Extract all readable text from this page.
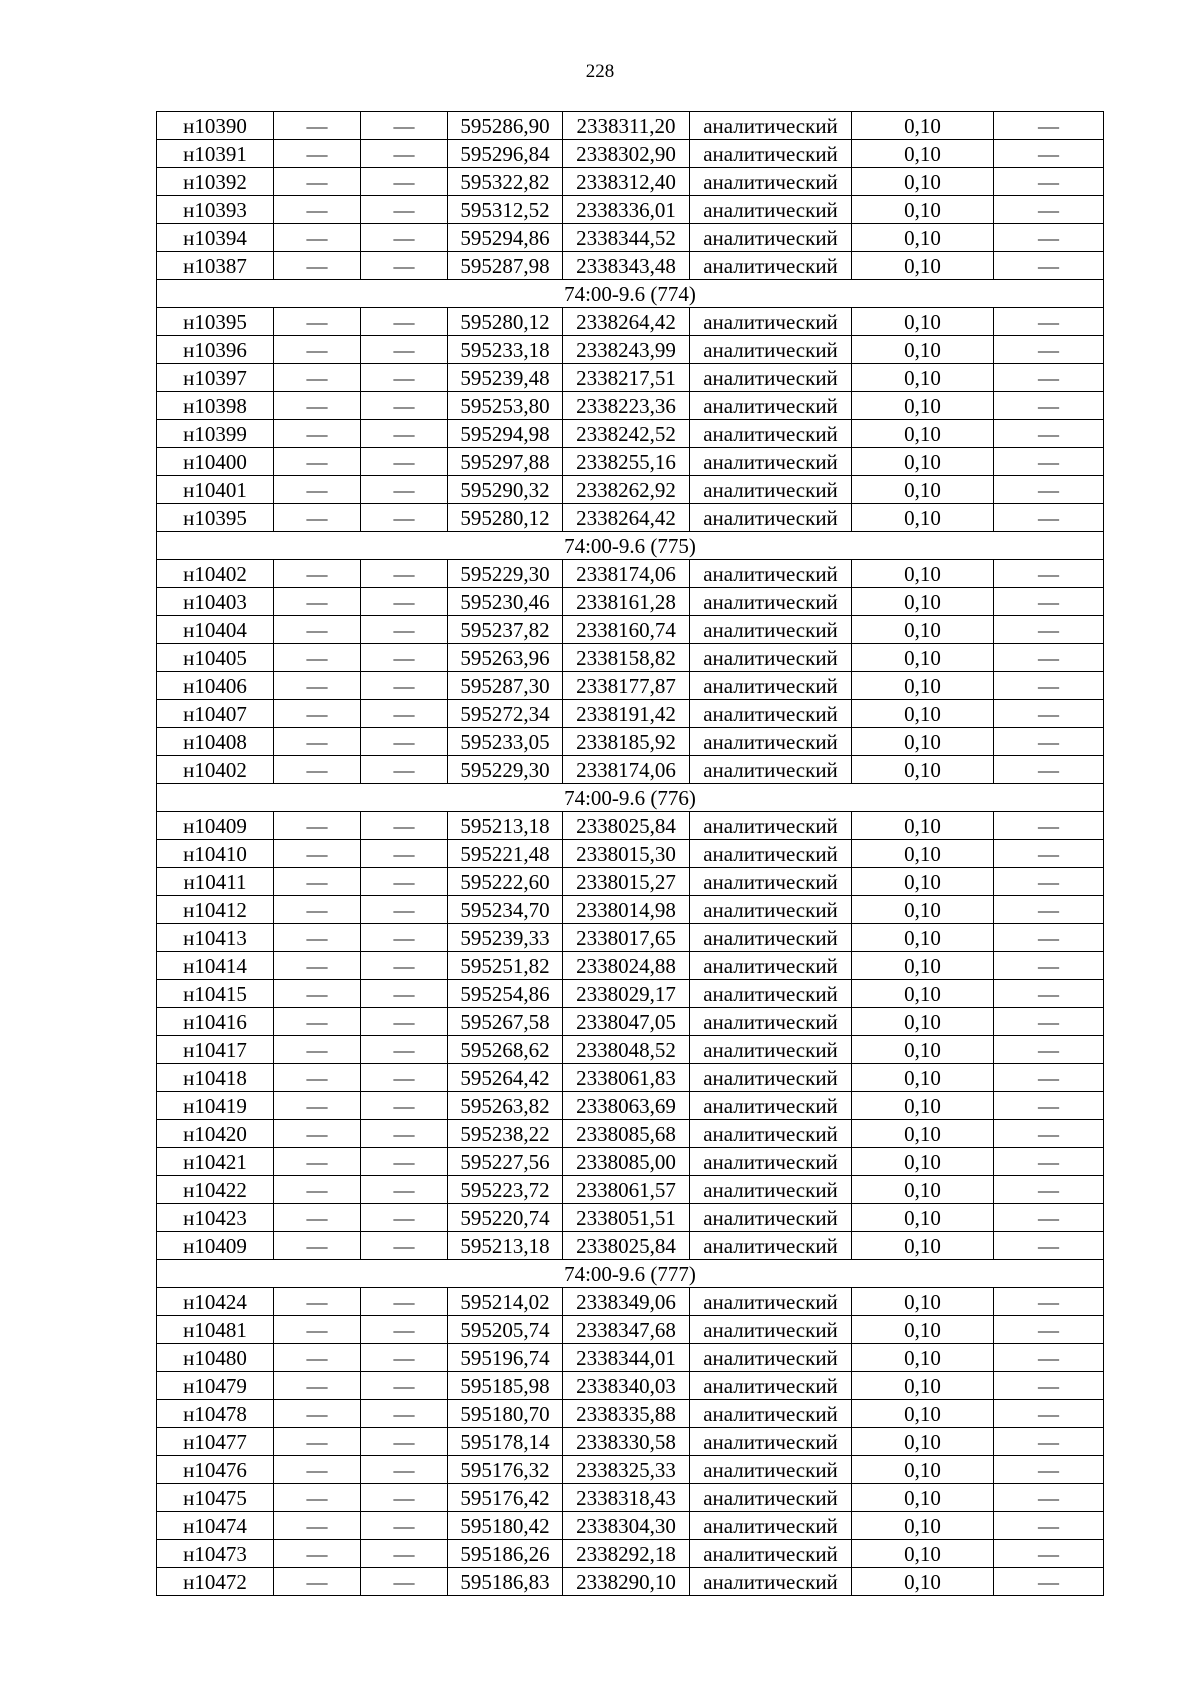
228
н10390	—	—	595286,90	2338311,20	аналитический	0,10	—
н10391	—	—	595296,84	2338302,90	аналитический	0,10	—
н10392	—	—	595322,82	2338312,40	аналитический	0,10	—
н10393	—	—	595312,52	2338336,01	аналитический	0,10	—
н10394	—	—	595294,86	2338344,52	аналитический	0,10	—
н10387	—	—	595287,98	2338343,48	аналитический	0,10	—
74:00-9.6 (774)							
н10395	—	—	595280,12	2338264,42	аналитический	0,10	—
н10396	—	—	595233,18	2338243,99	аналитический	0,10	—
н10397	—	—	595239,48	2338217,51	аналитический	0,10	—
н10398	—	—	595253,80	2338223,36	аналитический	0,10	—
н10399	—	—	595294,98	2338242,52	аналитический	0,10	—
н10400	—	—	595297,88	2338255,16	аналитический	0,10	—
н10401	—	—	595290,32	2338262,92	аналитический	0,10	—
н10395	—	—	595280,12	2338264,42	аналитический	0,10	—
74:00-9.6 (775)							
н10402	—	—	595229,30	2338174,06	аналитический	0,10	—
н10403	—	—	595230,46	2338161,28	аналитический	0,10	—
н10404	—	—	595237,82	2338160,74	аналитический	0,10	—
н10405	—	—	595263,96	2338158,82	аналитический	0,10	—
н10406	—	—	595287,30	2338177,87	аналитический	0,10	—
н10407	—	—	595272,34	2338191,42	аналитический	0,10	—
н10408	—	—	595233,05	2338185,92	аналитический	0,10	—
н10402	—	—	595229,30	2338174,06	аналитический	0,10	—
74:00-9.6 (776)							
н10409	—	—	595213,18	2338025,84	аналитический	0,10	—
н10410	—	—	595221,48	2338015,30	аналитический	0,10	—
н10411	—	—	595222,60	2338015,27	аналитический	0,10	—
н10412	—	—	595234,70	2338014,98	аналитический	0,10	—
н10413	—	—	595239,33	2338017,65	аналитический	0,10	—
н10414	—	—	595251,82	2338024,88	аналитический	0,10	—
н10415	—	—	595254,86	2338029,17	аналитический	0,10	—
н10416	—	—	595267,58	2338047,05	аналитический	0,10	—
н10417	—	—	595268,62	2338048,52	аналитический	0,10	—
н10418	—	—	595264,42	2338061,83	аналитический	0,10	—
н10419	—	—	595263,82	2338063,69	аналитический	0,10	—
н10420	—	—	595238,22	2338085,68	аналитический	0,10	—
н10421	—	—	595227,56	2338085,00	аналитический	0,10	—
н10422	—	—	595223,72	2338061,57	аналитический	0,10	—
н10423	—	—	595220,74	2338051,51	аналитический	0,10	—
н10409	—	—	595213,18	2338025,84	аналитический	0,10	—
74:00-9.6 (777)							
н10424	—	—	595214,02	2338349,06	аналитический	0,10	—
н10481	—	—	595205,74	2338347,68	аналитический	0,10	—
н10480	—	—	595196,74	2338344,01	аналитический	0,10	—
н10479	—	—	595185,98	2338340,03	аналитический	0,10	—
н10478	—	—	595180,70	2338335,88	аналитический	0,10	—
н10477	—	—	595178,14	2338330,58	аналитический	0,10	—
н10476	—	—	595176,32	2338325,33	аналитический	0,10	—
н10475	—	—	595176,42	2338318,43	аналитический	0,10	—
н10474	—	—	595180,42	2338304,30	аналитический	0,10	—
н10473	—	—	595186,26	2338292,18	аналитический	0,10	—
н10472	—	—	595186,83	2338290,10	аналитический	0,10	—
